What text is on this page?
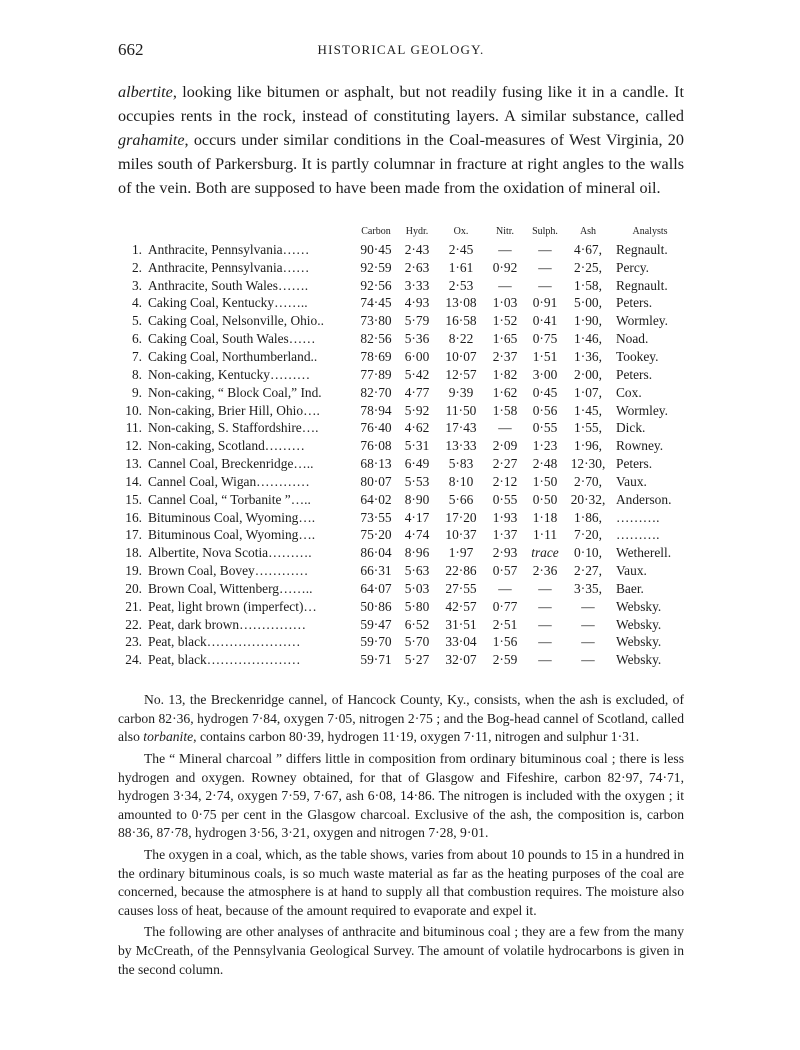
662	HISTORICAL GEOLOGY.

albertite, looking like bitumen or asphalt, but not readily fusing like it in a candle. It occupies rents in the rock, instead of constituting layers. A similar substance, called grahamite, occurs under similar conditions in the Coal-measures of West Virginia, 20 miles south of Parkersburg. It is partly columnar in fracture at right angles to the walls of the vein. Both are supposed to have been made from the oxidation of mineral oil.

		Carbon	Hydr.	Ox.	Nitr.	Sulph.	Ash	Analysts
1.	Anthracite, Pennsylvania……	90·45	2·43	2·45	—	—	4·67,	Regnault.
2.	Anthracite, Pennsylvania……	92·59	2·63	1·61	0·92	—	2·25,	Percy.
3.	Anthracite, South Wales…….	92·56	3·33	2·53	—	—	1·58,	Regnault.
4.	Caking Coal, Kentucky……..	74·45	4·93	13·08	1·03	0·91	5·00,	Peters.
5.	Caking Coal, Nelsonville, Ohio..	73·80	5·79	16·58	1·52	0·41	1·90,	Wormley.
6.	Caking Coal, South Wales……	82·56	5·36	8·22	1·65	0·75	1·46,	Noad.
7.	Caking Coal, Northumberland..	78·69	6·00	10·07	2·37	1·51	1·36,	Tookey.
8.	Non-caking, Kentucky………	77·89	5·42	12·57	1·82	3·00	2·00,	Peters.
9.	Non-caking, “ Block Coal,” Ind.	82·70	4·77	9·39	1·62	0·45	1·07,	Cox.
10.	Non-caking, Brier Hill, Ohio….	78·94	5·92	11·50	1·58	0·56	1·45,	Wormley.
11.	Non-caking, S. Staffordshire….	76·40	4·62	17·43	—	0·55	1·55,	Dick.
12.	Non-caking, Scotland………	76·08	5·31	13·33	2·09	1·23	1·96,	Rowney.
13.	Cannel Coal, Breckenridge…..	68·13	6·49	5·83	2·27	2·48	12·30,	Peters.
14.	Cannel Coal, Wigan…………	80·07	5·53	8·10	2·12	1·50	2·70,	Vaux.
15.	Cannel Coal, “ Torbanite ”…..	64·02	8·90	5·66	0·55	0·50	20·32,	Anderson.
16.	Bituminous Coal, Wyoming….	73·55	4·17	17·20	1·93	1·18	1·86,	……….
17.	Bituminous Coal, Wyoming….	75·20	4·74	10·37	1·37	1·11	7·20,	……….
18.	Albertite, Nova Scotia……….	86·04	8·96	1·97	2·93	trace	0·10,	Wetherell.
19.	Brown Coal, Bovey…………	66·31	5·63	22·86	0·57	2·36	2·27,	Vaux.
20.	Brown Coal, Wittenberg……..	64·07	5·03	27·55	—	—	3·35,	Baer.
21.	Peat, light brown (imperfect)…	50·86	5·80	42·57	0·77	—	—	Websky.
22.	Peat, dark brown……………	59·47	6·52	31·51	2·51	—	—	Websky.
23.	Peat, black…………………	59·70	5·70	33·04	1·56	—	—	Websky.
24.	Peat, black…………………	59·71	5·27	32·07	2·59	—	—	Websky.

No. 13, the Breckenridge cannel, of Hancock County, Ky., consists, when the ash is excluded, of carbon 82·36, hydrogen 7·84, oxygen 7·05, nitrogen 2·75 ; and the Bog-head cannel of Scotland, called also torbanite, contains carbon 80·39, hydrogen 11·19, oxygen 7·11, nitrogen and sulphur 1·31.

The “ Mineral charcoal ” differs little in composition from ordinary bituminous coal ; there is less hydrogen and oxygen. Rowney obtained, for that of Glasgow and Fifeshire, carbon 82·97, 74·71, hydrogen 3·34, 2·74, oxygen 7·59, 7·67, ash 6·08, 14·86. The nitrogen is included with the oxygen ; it amounted to 0·75 per cent in the Glasgow charcoal. Exclusive of the ash, the composition is, carbon 88·36, 87·78, hydrogen 3·56, 3·21, oxygen and nitrogen 7·28, 9·01.

The oxygen in a coal, which, as the table shows, varies from about 10 pounds to 15 in a hundred in the ordinary bituminous coals, is so much waste material as far as the heating purposes of the coal are concerned, because the atmosphere is at hand to supply all that combustion requires. The moisture also causes loss of heat, because of the amount required to evaporate and expel it.

The following are other analyses of anthracite and bituminous coal ; they are a few from the many by McCreath, of the Pennsylvania Geological Survey. The amount of volatile hydrocarbons is given in the second column.
